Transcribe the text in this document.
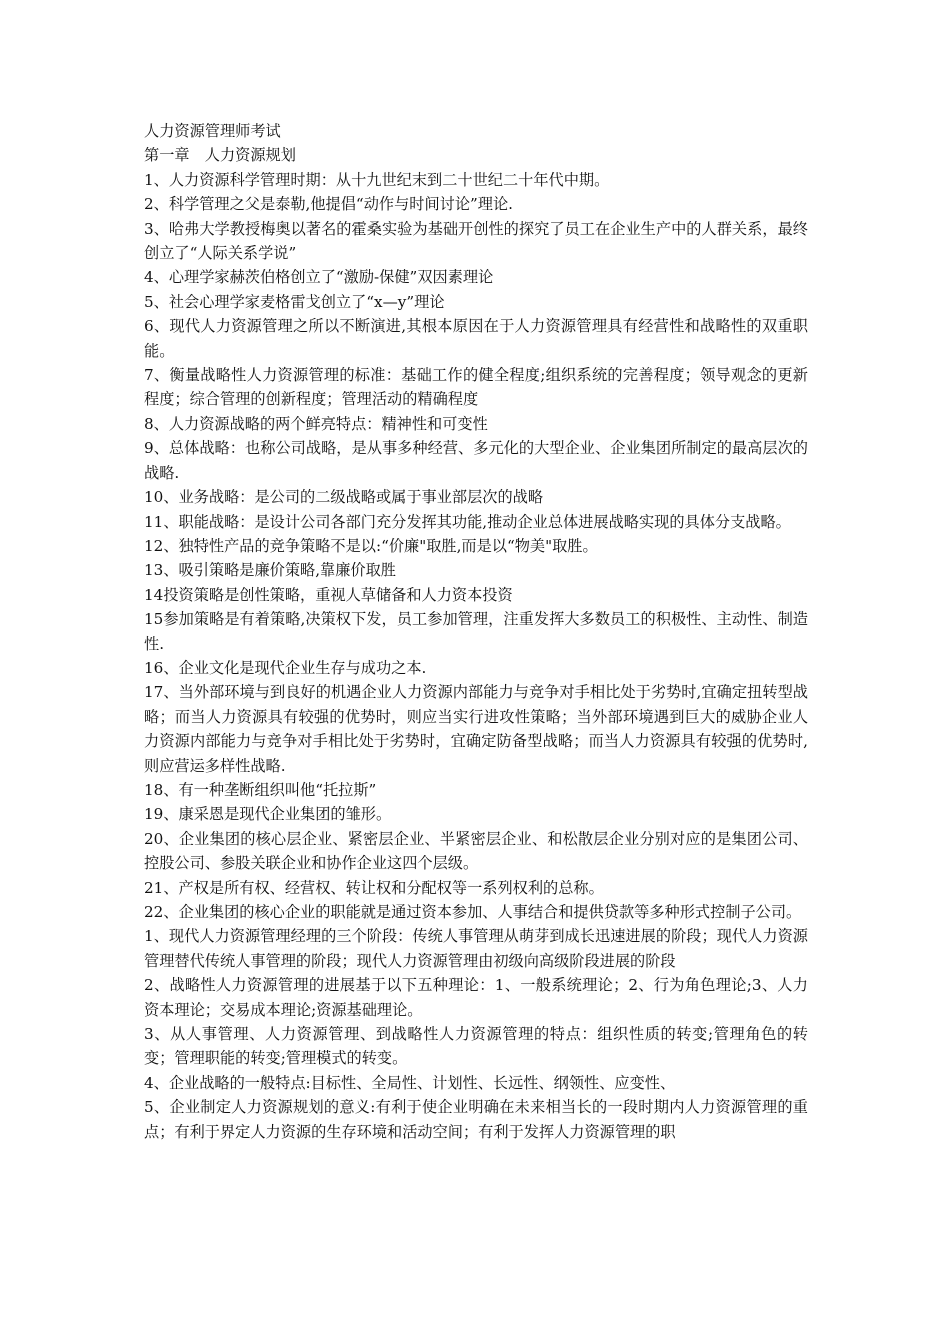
人力资源管理师考试

第一章　人力资源规划

1、人力资源科学管理时期：从十九世纪末到二十世纪二十年代中期。

2、科学管理之父是泰勒,他提倡“动作与时间讨论”理论.

3、哈弗大学教授梅奥以著名的霍桑实验为基础开创性的探究了员工在企业生产中的人群关系，最终创立了“人际关系学说”

4、心理学家赫茨伯格创立了“激励-保健”双因素理论

5、社会心理学家麦格雷戈创立了“x—y”理论

6、现代人力资源管理之所以不断演进,其根本原因在于人力资源管理具有经营性和战略性的双重职能。

7、衡量战略性人力资源管理的标准：基础工作的健全程度;组织系统的完善程度；领导观念的更新程度；综合管理的创新程度；管理活动的精确程度

8、人力资源战略的两个鲜亮特点：精神性和可变性

9、总体战略：也称公司战略，是从事多种经营、多元化的大型企业、企业集团所制定的最高层次的战略.

10、业务战略：是公司的二级战略或属于事业部层次的战略

11、职能战略：是设计公司各部门充分发挥其功能,推动企业总体进展战略实现的具体分支战略。

12、独特性产品的竞争策略不是以:“价廉"取胜,而是以“物美"取胜。

13、吸引策略是廉价策略,靠廉价取胜

14投资策略是创性策略，重视人草储备和人力资本投资

15参加策略是有着策略,决策权下发，员工参加管理，注重发挥大多数员工的积极性、主动性、制造性.

16、企业文化是现代企业生存与成功之本.

17、当外部环境与到良好的机遇企业人力资源内部能力与竞争对手相比处于劣势时,宜确定扭转型战略；而当人力资源具有较强的优势时，则应当实行进攻性策略；当外部环境遇到巨大的威胁企业人力资源内部能力与竞争对手相比处于劣势时，宜确定防备型战略；而当人力资源具有较强的优势时,则应营运多样性战略.

18、有一种垄断组织叫他“托拉斯”

19、康采恩是现代企业集团的雏形。

20、企业集团的核心层企业、紧密层企业、半紧密层企业、和松散层企业分别对应的是集团公司、控股公司、参股关联企业和协作企业这四个层级。

21、产权是所有权、经营权、转让权和分配权等一系列权利的总称。

22、企业集团的核心企业的职能就是通过资本参加、人事结合和提供贷款等多种形式控制子公司。

1、现代人力资源管理经理的三个阶段：传统人事管理从萌芽到成长迅速进展的阶段；现代人力资源管理替代传统人事管理的阶段；现代人力资源管理由初级向高级阶段进展的阶段

2、战略性人力资源管理的进展基于以下五种理论：1、一般系统理论；2、行为角色理论;3、人力资本理论；交易成本理论;资源基础理论。

3、从人事管理、人力资源管理、到战略性人力资源管理的特点：组织性质的转变;管理角色的转变；管理职能的转变;管理模式的转变。

4、企业战略的一般特点:目标性、全局性、计划性、长远性、纲领性、应变性、

5、企业制定人力资源规划的意义:有利于使企业明确在未来相当长的一段时期内人力资源管理的重点；有利于界定人力资源的生存环境和活动空间；有利于发挥人力资源管理的职
